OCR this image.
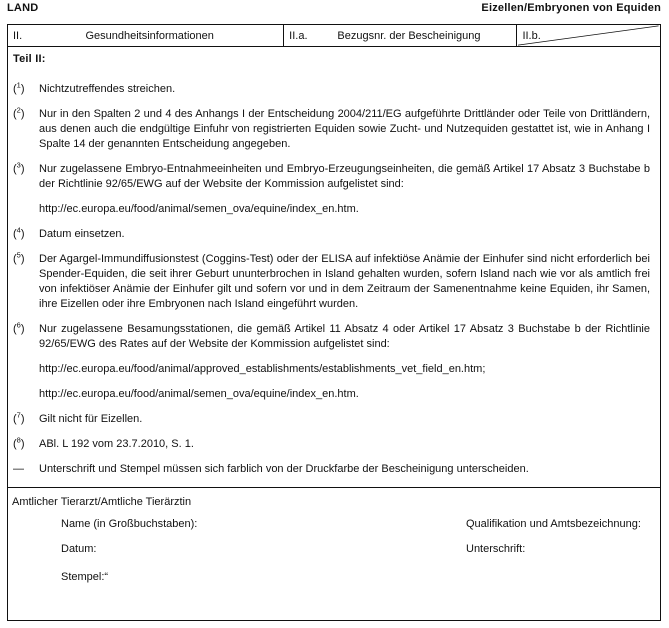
LAND	Eizellen/Embryonen von Equiden
II.	Gesundheitsinformationen	II.a.	Bezugsnr. der Bescheinigung	II.b.
Teil II:
($^1$)	Nichtzutreffendes streichen.

($^2$)	Nur in den Spalten 2 und 4 des Anhangs I der Entscheidung 2004/211/EG aufgeführte Drittländer oder Teile von Drittländern, aus denen auch die endgültige Einfuhr von registrierten Equiden sowie Zucht- und Nutzequiden gestattet ist, wie in Anhang I Spalte 14 der genannten Entscheidung angegeben.

($^3$)	Nur zugelassene Embryo-Entnahmeeinheiten und Embryo-Erzeugungseinheiten, die gemäß Artikel 17 Absatz 3 Buchstabe b der Richtlinie 92/65/EWG auf der Website der Kommission aufgelistet sind:

http://ec.europa.eu/food/animal/semen_ova/equine/index_en.htm.

($^4$)	Datum einsetzen.

($^5$)	Der Agargel-Immundiffusionstest (Coggins-Test) oder der ELISA auf infektiöse Anämie der Einhufer sind nicht erforderlich bei Spender-Equiden, die seit ihrer Geburt ununterbrochen in Island gehalten wurden, sofern Island nach wie vor als amtlich frei von infektiöser Anämie der Einhufer gilt und sofern vor und in dem Zeitraum der Samenentnahme keine Equiden, ihr Samen, ihre Eizellen oder ihre Embryonen nach Island eingeführt wurden.

($^6$)	Nur zugelassene Besamungsstationen, die gemäß Artikel 11 Absatz 4 oder Artikel 17 Absatz 3 Buchstabe b der Richtlinie 92/65/EWG des Rates auf der Website der Kommission aufgelistet sind:

http://ec.europa.eu/food/animal/approved_establishments/establishments_vet_field_en.htm;

http://ec.europa.eu/food/animal/semen_ova/equine/index_en.htm.

($^7$)	Gilt nicht für Eizellen.

($^8$)	ABl. L 192 vom 23.7.2010, S. 1.

—	Unterschrift und Stempel müssen sich farblich von der Druckfarbe der Bescheinigung unterscheiden.

Amtlicher Tierarzt/Amtliche Tierärztin
Name (in Großbuchstaben):	Qualifikation und Amtsbezeichnung:
Datum:	Unterschrift:
Stempel:“
